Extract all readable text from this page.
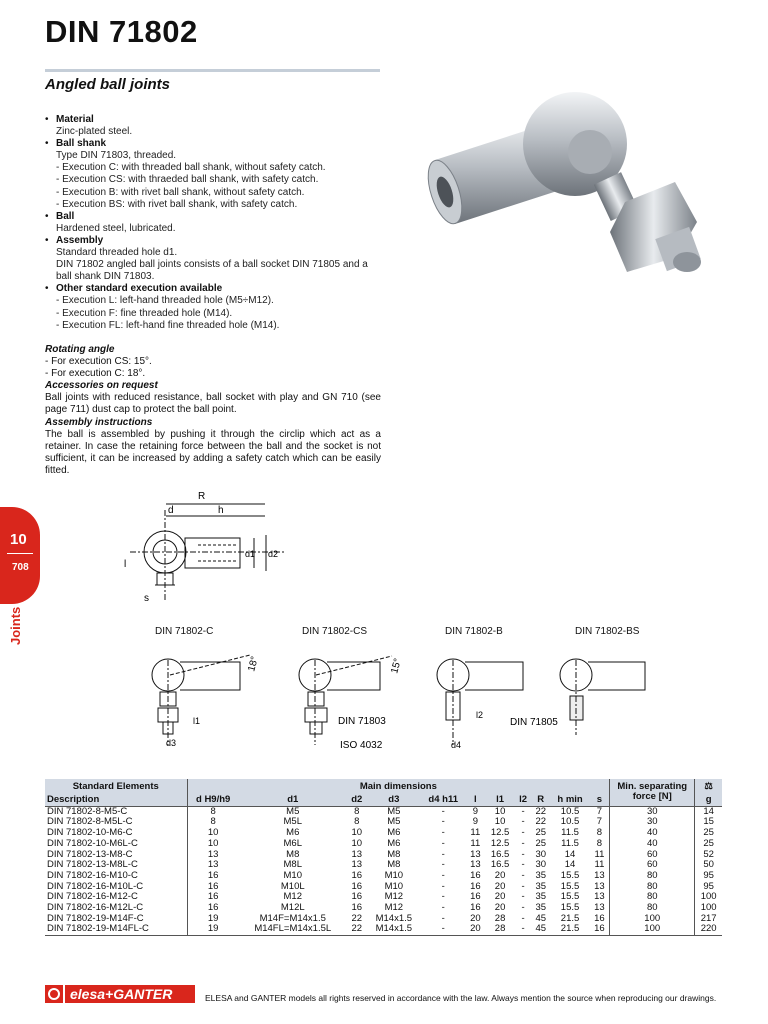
DIN 71802
Angled ball joints
• Material
Zinc-plated steel.
• Ball shank
Type DIN 71803, threaded.
- Execution C: with threaded ball shank, without safety catch.
- Execution CS: with thraeded ball shank, with safety catch.
- Execution B: with rivet ball shank, without safety catch.
- Execution BS: with rivet ball shank, with safety catch.
• Ball
Hardened steel, lubricated.
• Assembly
Standard threaded hole d1.
DIN 71802 angled ball joints consists of a ball socket DIN 71805 and a ball shank DIN 71803.
• Other standard execution available
- Execution L: left-hand threaded hole (M5÷M12).
- Execution F: fine threaded hole (M14).
- Execution FL: left-hand fine threaded hole (M14).
Rotating angle
- For execution CS: 15°.
- For execution C: 18°.
Accessories on request
Ball joints with reduced resistance, ball socket with play and GN 710 (see page 711) dust cap to protect the ball point.
Assembly instructions
The ball is assembled by pushing it through the circlip which act as a retainer. In case the retaining force between the ball and the socket is not sufficient, it can be increased by adding a safety catch which can be easily fitted.
R
d	h
l
d1 d2
s
DIN 71802-C	DIN 71802-CS	DIN 71802-B	DIN 71802-BS
18°	15°
DIN 71803
ISO 4032
DIN 71805
l1
d3
l2
d4
10
708
Joints
Standard Elements	Main dimensions											Min. separating force [N]	⚖
Description	d H9/h9	d1	d2	d3	d4 h11	l	l1	l2	R	h min	s		g
DIN 71802-8-M5-C	8	M5	8	M5	-	9	10	-	22	10.5	7	30	14
DIN 71802-8-M5L-C	8	M5L	8	M5	-	9	10	-	22	10.5	7	30	15
DIN 71802-10-M6-C	10	M6	10	M6	-	11	12.5	-	25	11.5	8	40	25
DIN 71802-10-M6L-C	10	M6L	10	M6	-	11	12.5	-	25	11.5	8	40	25
DIN 71802-13-M8-C	13	M8	13	M8	-	13	16.5	-	30	14	11	60	52
DIN 71802-13-M8L-C	13	M8L	13	M8	-	13	16.5	-	30	14	11	60	50
DIN 71802-16-M10-C	16	M10	16	M10	-	16	20	-	35	15.5	13	80	95
DIN 71802-16-M10L-C	16	M10L	16	M10	-	16	20	-	35	15.5	13	80	95
DIN 71802-16-M12-C	16	M12	16	M12	-	16	20	-	35	15.5	13	80	100
DIN 71802-16-M12L-C	16	M12L	16	M12	-	16	20	-	35	15.5	13	80	100
DIN 71802-19-M14F-C	19	M14F=M14x1.5	22	M14x1.5	-	20	28	-	45	21.5	16	100	217
DIN 71802-19-M14FL-C	19	M14FL=M14x1.5L	22	M14x1.5	-	20	28	-	45	21.5	16	100	220
elesa+GANTER	ELESA and GANTER models all rights reserved in accordance with the law. Always mention the source when reproducing our drawings.
